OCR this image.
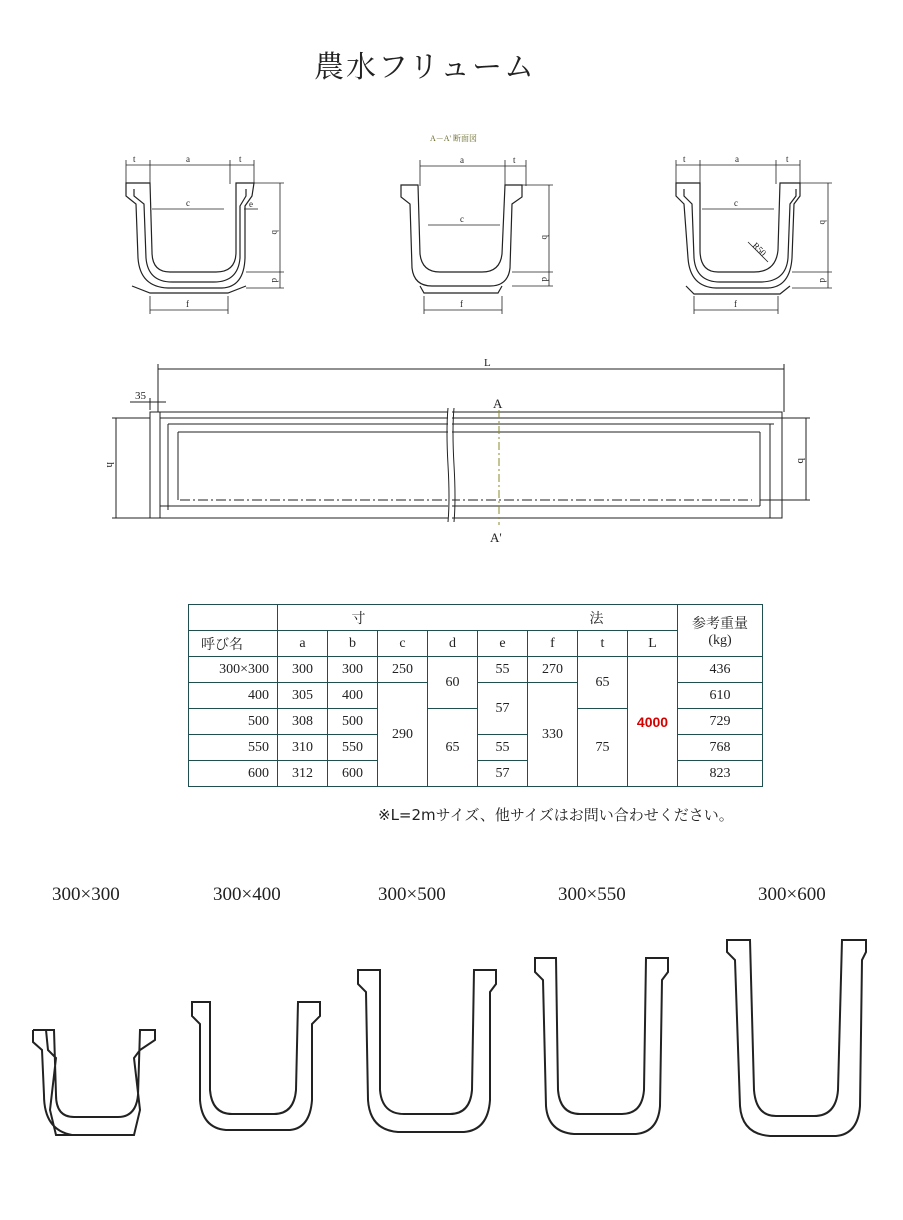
農水フリューム
t	a	t
c	e
b
d
f
a	t
c
b
d
f
t	a	t
c
R50
b
d
f
A－A' 断面図
L
35
h
b
A
A'
	寸　　　　　　　　　　　　　　　　法								参考重量
(kg)
呼び名	a	b	c	d	e	f	t	L	
300×300	300	300	250	60	55	270	65	4000	436
400	305	400	290		57	330			610
500	308	500		65			75		729
550	310	550			55				768
600	312	600			57				823
※L=2mサイズ、他サイズはお問い合わせください。
300×300	300×400	300×500	300×550	300×600
